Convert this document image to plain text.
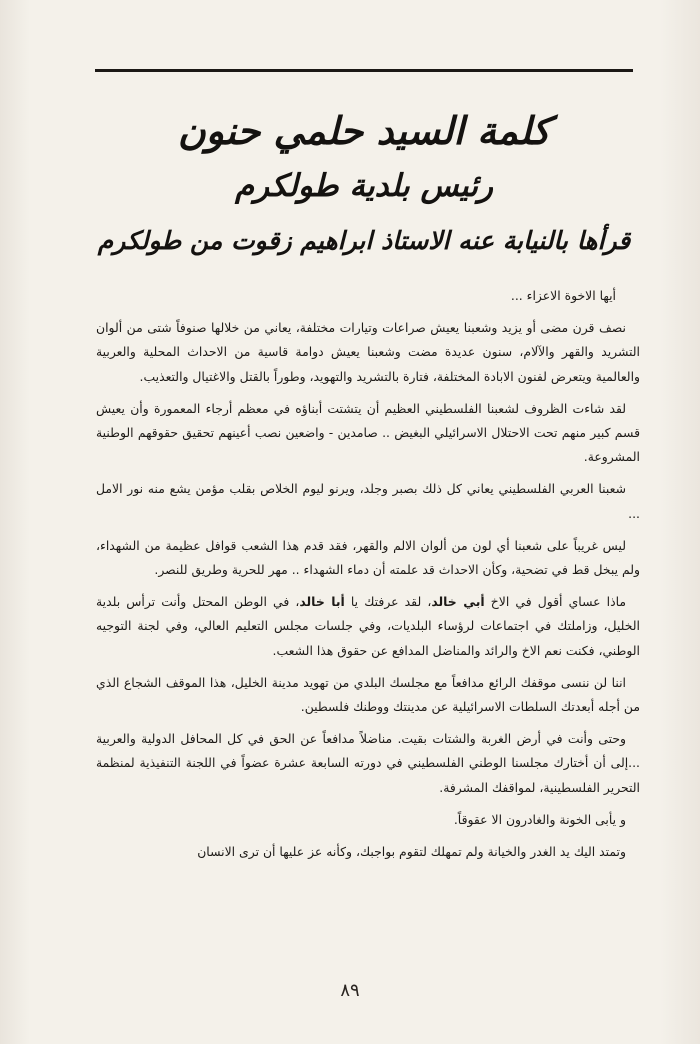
كلمة السيد حلمي حنون
رئيس بلدية طولكرم
قرأها بالنيابة عنه الاستاذ ابراهيم زقوت من طولكرم

أيها الاخوة الاعزاء ...

نصف قرن مضى أو يزيد وشعبنا يعيش صراعات وتيارات مختلفة، يعاني من خلالها صنوفاً شتى من ألوان التشريد والقهر والآلام، سنون عديدة مضت وشعبنا يعيش دوامة قاسية من الاحداث المحلية والعربية والعالمية ويتعرض لفنون الابادة المختلفة، فتارة بالتشريد والتهويد، وطوراً بالقتل والاغتيال والتعذيب.

لقد شاءت الظروف لشعبنا الفلسطيني العظيم أن يتشتت أبناؤه في معظم أرجاء المعمورة وأن يعيش قسم كبير منهم تحت الاحتلال الاسرائيلي البغيض .. صامدين - واضعين نصب أعينهم تحقيق حقوقهم الوطنية المشروعة.

شعبنا العربي الفلسطيني يعاني كل ذلك بصبر وجلد، ويرنو ليوم الخلاص بقلب مؤمن يشع منه نور الامل ...

ليس غريباً على شعبنا أي لون من ألوان الالم والقهر، فقد قدم هذا الشعب قوافل عظيمة من الشهداء، ولم يبخل قط في تضحية، وكأن الاحداث قد علمته أن دماء الشهداء .. مهر للحرية وطريق للنصر.

ماذا عساي أقول في الاخ أبي خالد، لقد عرفتك يا أبا خالد، في الوطن المحتل وأنت ترأس بلدية الخليل، وزاملتك في اجتماعات لرؤساء البلديات، وفي جلسات مجلس التعليم العالي، وفي لجنة التوجيه الوطني، فكنت نعم الاخ والرائد والمناضل المدافع عن حقوق هذا الشعب.

اننا لن ننسى موقفك الرائع مدافعاً مع مجلسك البلدي من تهويد مدينة الخليل، هذا الموقف الشجاع الذي من أجله أبعدتك السلطات الاسرائيلية عن مدينتك ووطنك فلسطين.

وحتى وأنت في أرض الغربة والشتات بقيت. مناضلاً مدافعاً عن الحق في كل المحافل الدولية والعربية ...إلى أن أختارك مجلسنا الوطني الفلسطيني في دورته السابعة عشرة عضواً في اللجنة التنفيذية لمنظمة التحرير الفلسطينية، لمواقفك المشرفة.

و يأبى الخونة والغادرون الا عقوقاً.

وتمتد اليك يد الغدر والخيانة ولم تمهلك لتقوم بواجبك، وكأنه عز عليها أن ترى الانسان

٨٩
